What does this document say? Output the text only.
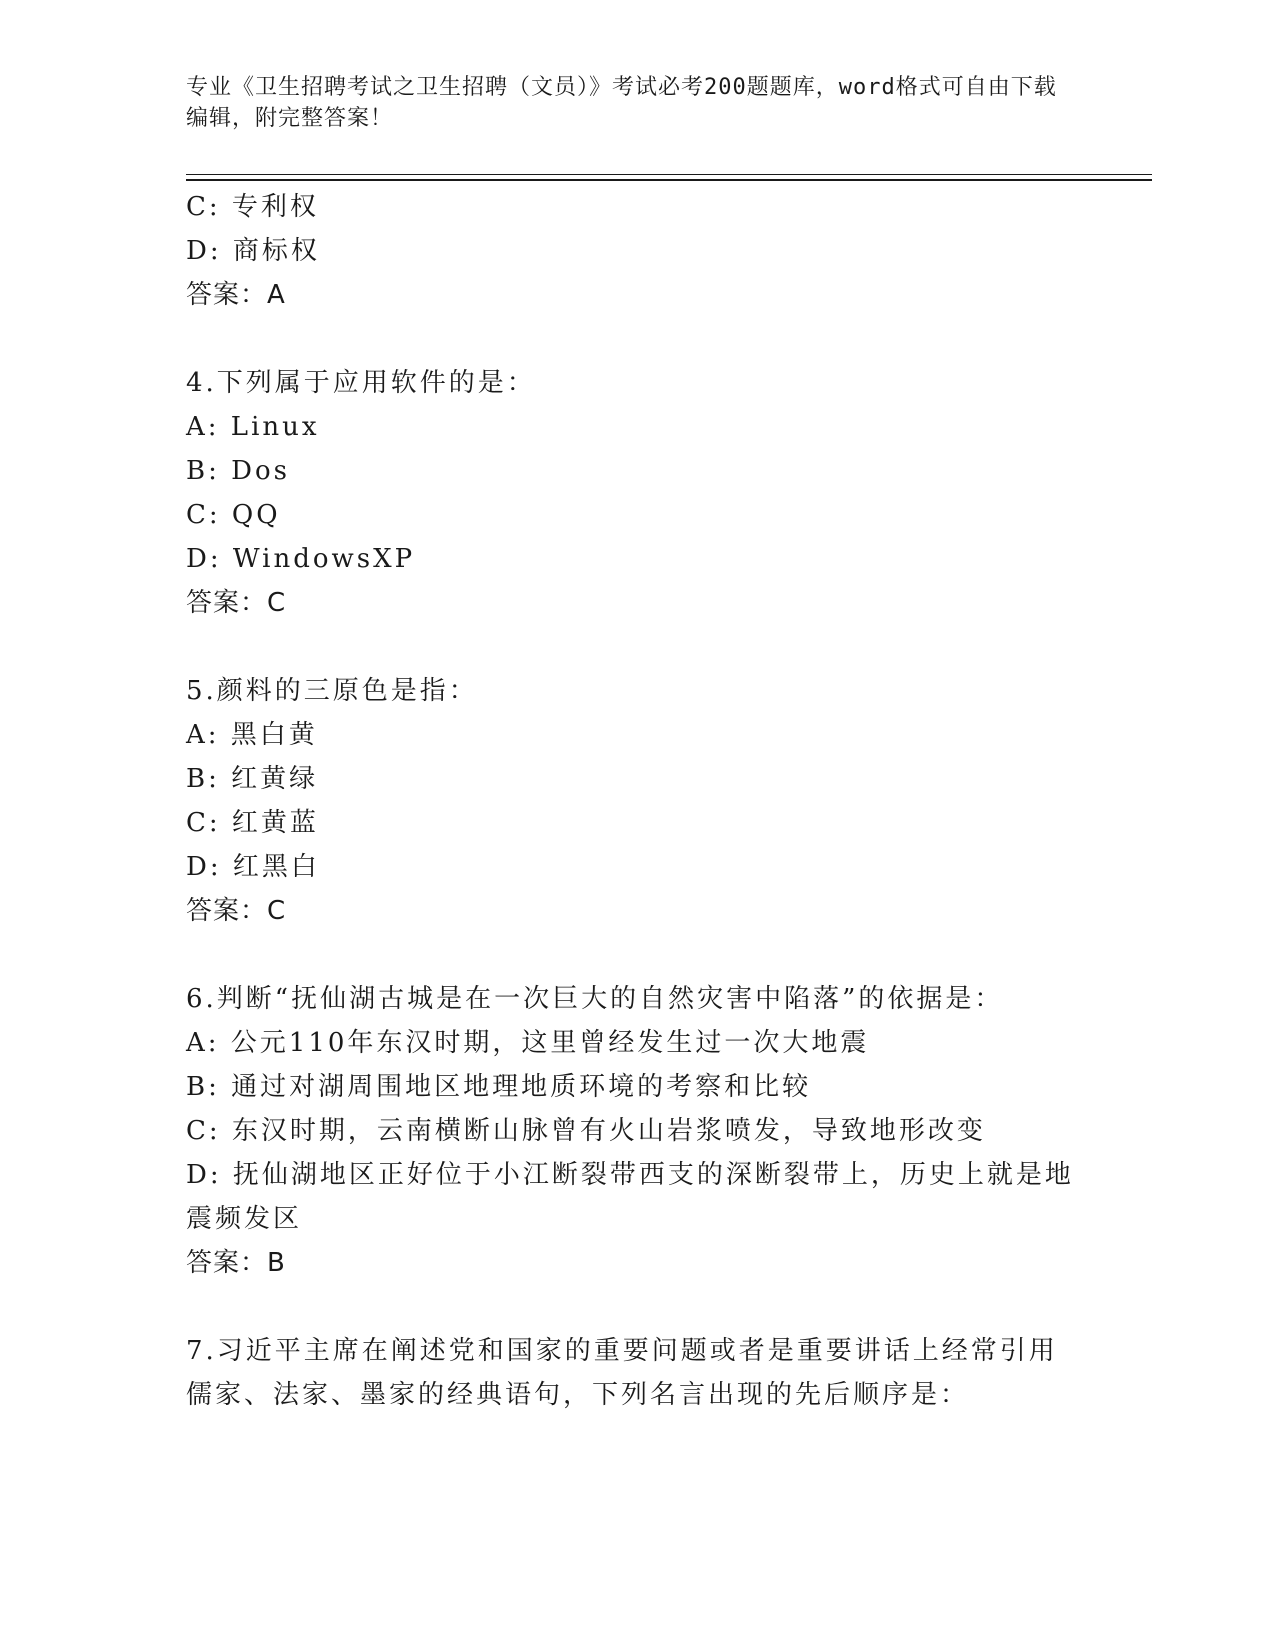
专业《卫生招聘考试之卫生招聘（文员）》考试必考200题题库，word格式可自由下载编辑，附完整答案！

C: 专利权

D: 商标权

答案：A

4.下列属于应用软件的是：

A: Linux

B: Dos

C: QQ

D: WindowsXP

答案：C

5.颜料的三原色是指：

A: 黑白黄

B: 红黄绿

C: 红黄蓝

D: 红黑白

答案：C

6.判断“抚仙湖古城是在一次巨大的自然灾害中陷落”的依据是：

A: 公元110年东汉时期，这里曾经发生过一次大地震

B: 通过对湖周围地区地理地质环境的考察和比较

C: 东汉时期，云南横断山脉曾有火山岩浆喷发，导致地形改变

D: 抚仙湖地区正好位于小江断裂带西支的深断裂带上，历史上就是地

震频发区

答案：B

7.习近平主席在阐述党和国家的重要问题或者是重要讲话上经常引用

儒家、法家、墨家的经典语句，下列名言出现的先后顺序是：
